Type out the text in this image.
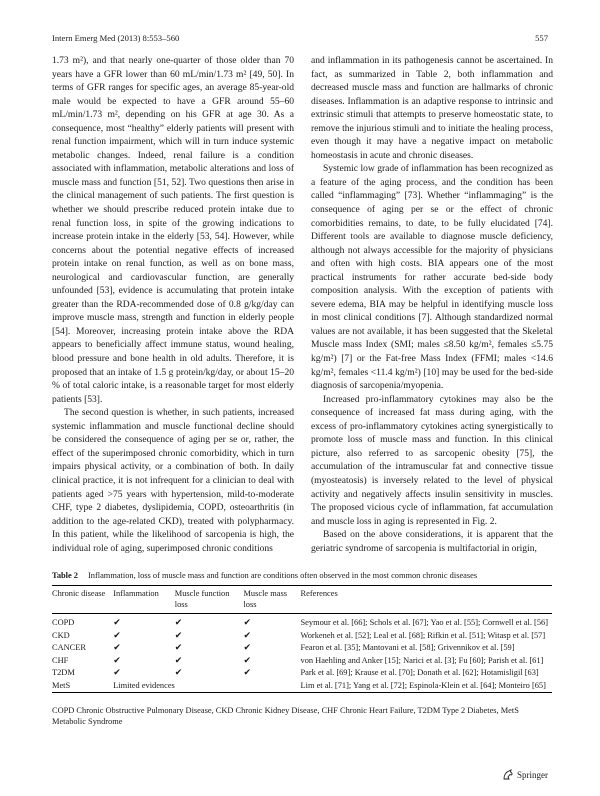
Intern Emerg Med (2013) 8:553–560	557

1.73 m²), and that nearly one-quarter of those older than 70 years have a GFR lower than 60 mL/min/1.73 m² [49, 50]. In terms of GFR ranges for specific ages, an average 85-year-old male would be expected to have a GFR around 55–60 mL/min/1.73 m², depending on his GFR at age 30. As a consequence, most “healthy” elderly patients will present with renal function impairment, which will in turn induce systemic metabolic changes. Indeed, renal failure is a condition associated with inflammation, metabolic alterations and loss of muscle mass and function [51, 52]. Two questions then arise in the clinical management of such patients. The first question is whether we should prescribe reduced protein intake due to renal function loss, in spite of the growing indications to increase protein intake in the elderly [53, 54]. However, while concerns about the potential negative effects of increased protein intake on renal function, as well as on bone mass, neurological and cardiovascular function, are generally unfounded [53], evidence is accumulating that protein intake greater than the RDA-recommended dose of 0.8 g/kg/day can improve muscle mass, strength and function in elderly people [54]. Moreover, increasing protein intake above the RDA appears to beneficially affect immune status, wound healing, blood pressure and bone health in old adults. Therefore, it is proposed that an intake of 1.5 g protein/kg/day, or about 15–20 % of total caloric intake, is a reasonable target for most elderly patients [53].

The second question is whether, in such patients, increased systemic inflammation and muscle functional decline should be considered the consequence of aging per se or, rather, the effect of the superimposed chronic comorbidity, which in turn impairs physical activity, or a combination of both. In daily clinical practice, it is not infrequent for a clinician to deal with patients aged >75 years with hypertension, mild-to-moderate CHF, type 2 diabetes, dyslipidemia, COPD, osteoarthritis (in addition to the age-related CKD), treated with polypharmacy. In this patient, while the likelihood of sarcopenia is high, the individual role of aging, superimposed chronic conditions

and inflammation in its pathogenesis cannot be ascertained. In fact, as summarized in Table 2, both inflammation and decreased muscle mass and function are hallmarks of chronic diseases. Inflammation is an adaptive response to intrinsic and extrinsic stimuli that attempts to preserve homeostatic state, to remove the injurious stimuli and to initiate the healing process, even though it may have a negative impact on metabolic homeostasis in acute and chronic diseases.

Systemic low grade of inflammation has been recognized as a feature of the aging process, and the condition has been called “inflammaging” [73]. Whether “inflammaging” is the consequence of aging per se or the effect of chronic comorbidities remains, to date, to be fully elucidated [74]. Different tools are available to diagnose muscle deficiency, although not always accessible for the majority of physicians and often with high costs. BIA appears one of the most practical instruments for rather accurate bed-side body composition analysis. With the exception of patients with severe edema, BIA may be helpful in identifying muscle loss in most clinical conditions [7]. Although standardized normal values are not available, it has been suggested that the Skeletal Muscle mass Index (SMI; males ≤8.50 kg/m², females ≤5.75 kg/m²) [7] or the Fat-free Mass Index (FFMI; males <14.6 kg/m², females <11.4 kg/m²) [10] may be used for the bed-side diagnosis of sarcopenia/myopenia.

Increased pro-inflammatory cytokines may also be the consequence of increased fat mass during aging, with the excess of pro-inflammatory cytokines acting synergistically to promote loss of muscle mass and function. In this clinical picture, also referred to as sarcopenic obesity [75], the accumulation of the intramuscular fat and connective tissue (myosteatosis) is inversely related to the level of physical activity and negatively affects insulin sensitivity in muscles. The proposed vicious cycle of inflammation, fat accumulation and muscle loss in aging is represented in Fig. 2.

Based on the above considerations, it is apparent that the geriatric syndrome of sarcopenia is multifactorial in origin,

Table 2 Inflammation, loss of muscle mass and function are conditions often observed in the most common chronic diseases
Chronic disease	Inflammation	Muscle function loss	Muscle mass loss	References
COPD	✔	✔	✔	Seymour et al. [66]; Schols et al. [67]; Yao et al. [55]; Cornwell et al. [56]
CKD	✔	✔	✔	Workeneh et al. [52]; Leal et al. [68]; Rifkin et al. [51]; Witasp et al. [57]
CANCER	✔	✔	✔	Fearon et al. [35]; Mantovani et al. [58]; Grivennikov et al. [59]
CHF	✔	✔	✔	von Haehling and Anker [15]; Narici et al. [3]; Fu [60]; Parish et al. [61]
T2DM	✔	✔	✔	Park et al. [69]; Krause et al. [70]; Donath et al. [62]; Hotamisligil [63]
MetS	Limited evidences			Lim et al. [71]; Yang et al. [72]; Espinola-Klein et al. [64]; Monteiro [65]
COPD Chronic Obstructive Pulmonary Disease, CKD Chronic Kidney Disease, CHF Chronic Heart Failure, T2DM Type 2 Diabetes, MetS Metabolic Syndrome
Springer
